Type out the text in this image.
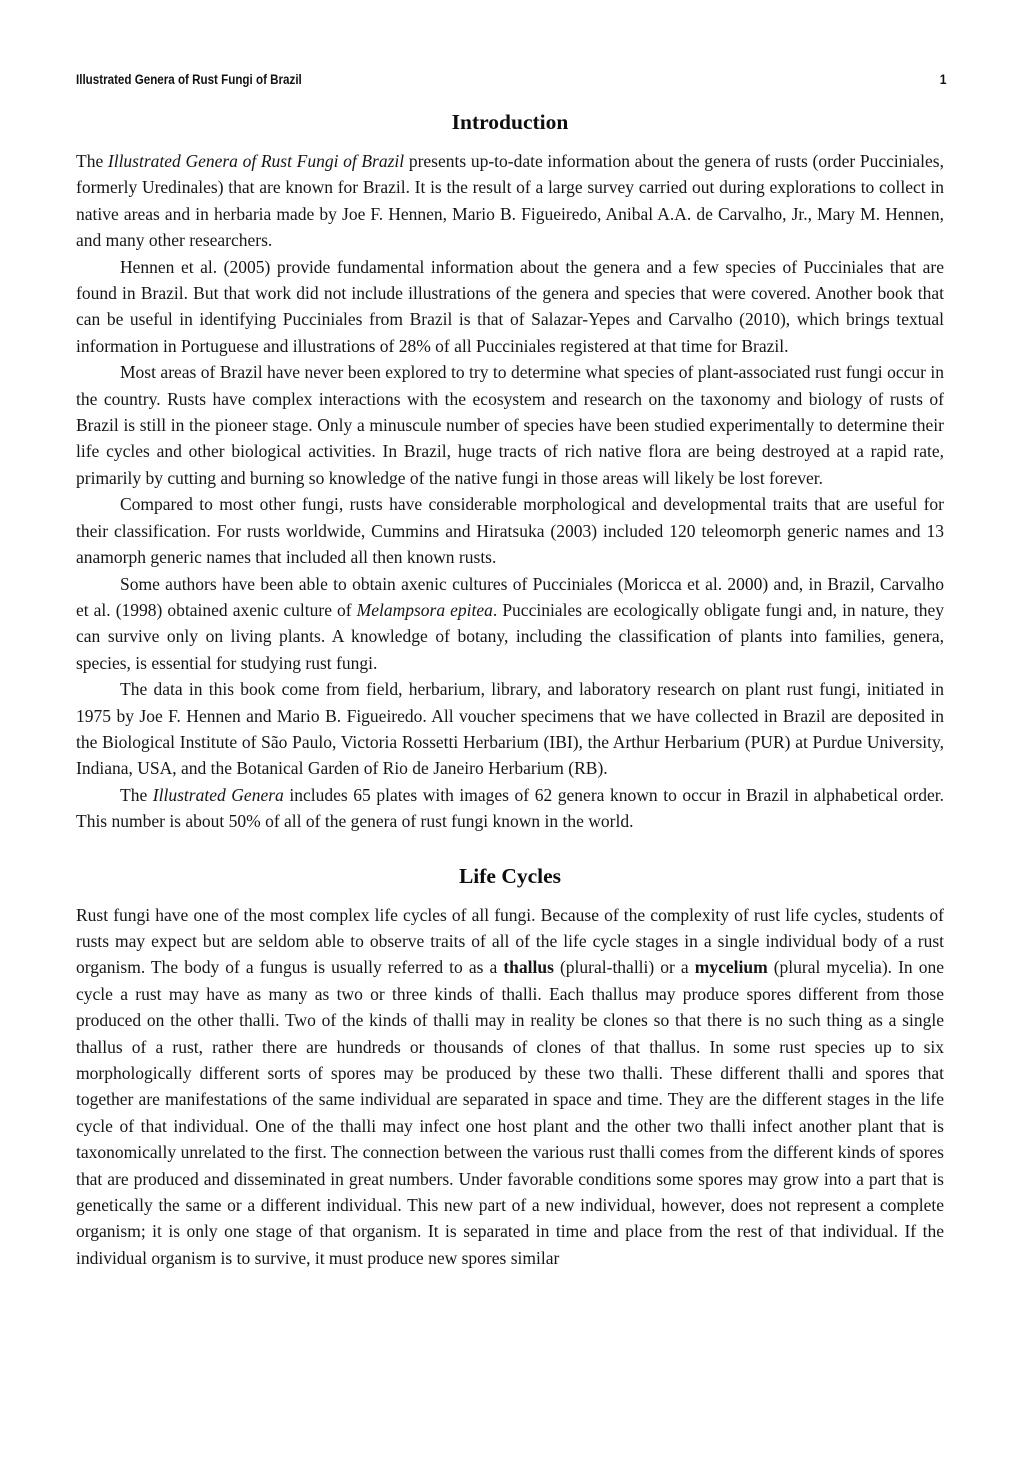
Illustrated Genera of Rust Fungi of Brazil	1
Introduction

The Illustrated Genera of Rust Fungi of Brazil presents up-to-date information about the genera of rusts (order Pucciniales, formerly Uredinales) that are known for Brazil. It is the result of a large survey carried out during explorations to collect in native areas and in herbaria made by Joe F. Hennen, Mario B. Figueiredo, Anibal A.A. de Carvalho, Jr., Mary M. Hennen, and many other researchers.

Hennen et al. (2005) provide fundamental information about the genera and a few species of Pucciniales that are found in Brazil. But that work did not include illustrations of the genera and species that were covered. Another book that can be useful in identifying Pucciniales from Brazil is that of Salazar-Yepes and Carvalho (2010), which brings textual information in Portuguese and illustrations of 28% of all Pucciniales registered at that time for Brazil.

Most areas of Brazil have never been explored to try to determine what species of plant-associated rust fungi occur in the country. Rusts have complex interactions with the ecosystem and research on the taxonomy and biology of rusts of Brazil is still in the pioneer stage. Only a minuscule number of species have been studied experimentally to determine their life cycles and other biological activities. In Brazil, huge tracts of rich native flora are being destroyed at a rapid rate, primarily by cutting and burning so knowledge of the native fungi in those areas will likely be lost forever.

Compared to most other fungi, rusts have considerable morphological and developmental traits that are useful for their classification. For rusts worldwide, Cummins and Hiratsuka (2003) included 120 teleomorph generic names and 13 anamorph generic names that included all then known rusts.

Some authors have been able to obtain axenic cultures of Pucciniales (Moricca et al. 2000) and, in Brazil, Carvalho et al. (1998) obtained axenic culture of Melampsora epitea. Pucciniales are ecologically obligate fungi and, in nature, they can survive only on living plants. A knowledge of botany, including the classification of plants into families, genera, species, is essential for studying rust fungi.

The data in this book come from field, herbarium, library, and laboratory research on plant rust fungi, initiated in 1975 by Joe F. Hennen and Mario B. Figueiredo. All voucher specimens that we have collected in Brazil are deposited in the Biological Institute of São Paulo, Victoria Rossetti Herbarium (IBI), the Arthur Herbarium (PUR) at Purdue University, Indiana, USA, and the Botanical Garden of Rio de Janeiro Herbarium (RB).

The Illustrated Genera includes 65 plates with images of 62 genera known to occur in Brazil in alphabetical order. This number is about 50% of all of the genera of rust fungi known in the world.

Life Cycles

Rust fungi have one of the most complex life cycles of all fungi. Because of the complexity of rust life cycles, students of rusts may expect but are seldom able to observe traits of all of the life cycle stages in a single individual body of a rust organism. The body of a fungus is usually referred to as a thallus (plural-thalli) or a mycelium (plural mycelia). In one cycle a rust may have as many as two or three kinds of thalli. Each thallus may produce spores different from those produced on the other thalli. Two of the kinds of thalli may in reality be clones so that there is no such thing as a single thallus of a rust, rather there are hundreds or thousands of clones of that thallus. In some rust species up to six morphologically different sorts of spores may be produced by these two thalli. These different thalli and spores that together are manifestations of the same individual are separated in space and time. They are the different stages in the life cycle of that individual. One of the thalli may infect one host plant and the other two thalli infect another plant that is taxonomically unrelated to the first. The connection between the various rust thalli comes from the different kinds of spores that are produced and disseminated in great numbers. Under favorable conditions some spores may grow into a part that is genetically the same or a different individual. This new part of a new individual, however, does not represent a complete organism; it is only one stage of that organism. It is separated in time and place from the rest of that individual. If the individual organism is to survive, it must produce new spores similar
